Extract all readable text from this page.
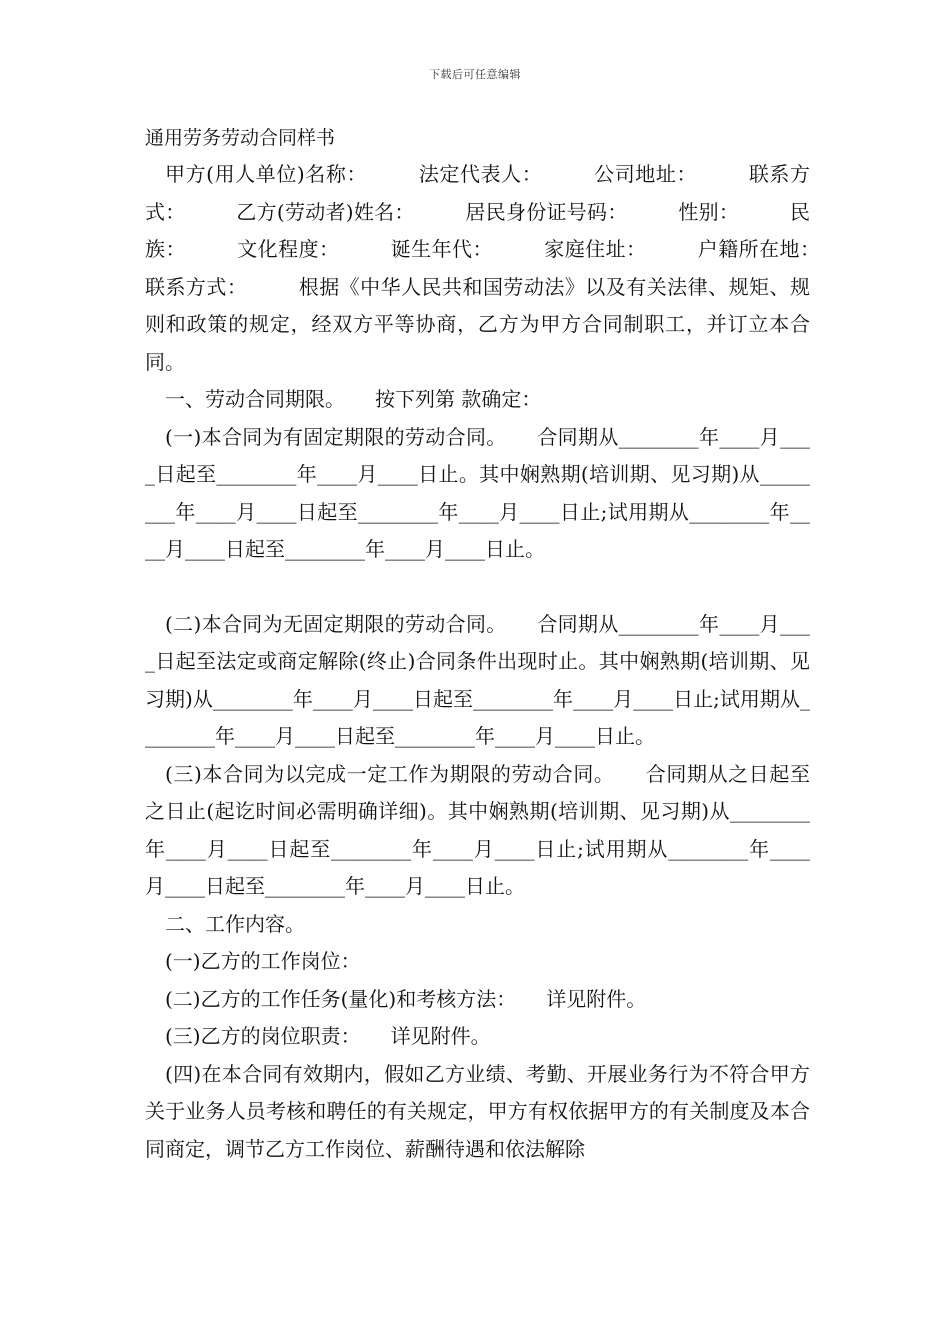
下载后可任意编辑
通用劳务劳动合同样书

甲方(用人单位)名称：　　　法定代表人：　　　公司地址：　　　联系方式：　　　乙方(劳动者)姓名：　　　居民身份证号码：　　　性别：　　　民族：　　　文化程度：　　　诞生年代：　　　家庭住址：　　　户籍所在地：　　　联系方式：　　　根据《中华人民共和国劳动法》以及有关法律、规矩、规则和政策的规定，经双方平等协商，乙方为甲方合同制职工，并订立本合同。

一、劳动合同期限。　　按下列第 款确定：

(一)本合同为有固定期限的劳动合同。　　合同期从________年____月____日起至________年____月____日止。其中娴熟期(培训期、见习期)从________年____月____日起至________年____月____日止;试用期从________年____月____日起至________年____月____日止。

(二)本合同为无固定期限的劳动合同。　　合同期从________年____月____日起至法定或商定解除(终止)合同条件出现时止。其中娴熟期(培训期、见习期)从________年____月____日起至________年____月____日止;试用期从________年____月____日起至________年____月____日止。

(三)本合同为以完成一定工作为期限的劳动合同。　　合同期从之日起至 之日止(起讫时间必需明确详细)。其中娴熟期(培训期、见习期)从________年____月____日起至________年____月____日止;试用期从________年____月____日起至________年____月____日止。

二、工作内容。

(一)乙方的工作岗位：

(二)乙方的工作任务(量化)和考核方法：　　详见附件。

(三)乙方的岗位职责：　　详见附件。

(四)在本合同有效期内，假如乙方业绩、考勤、开展业务行为不符合甲方关于业务人员考核和聘任的有关规定，甲方有权依据甲方的有关制度及本合同商定，调节乙方工作岗位、薪酬待遇和依法解除
